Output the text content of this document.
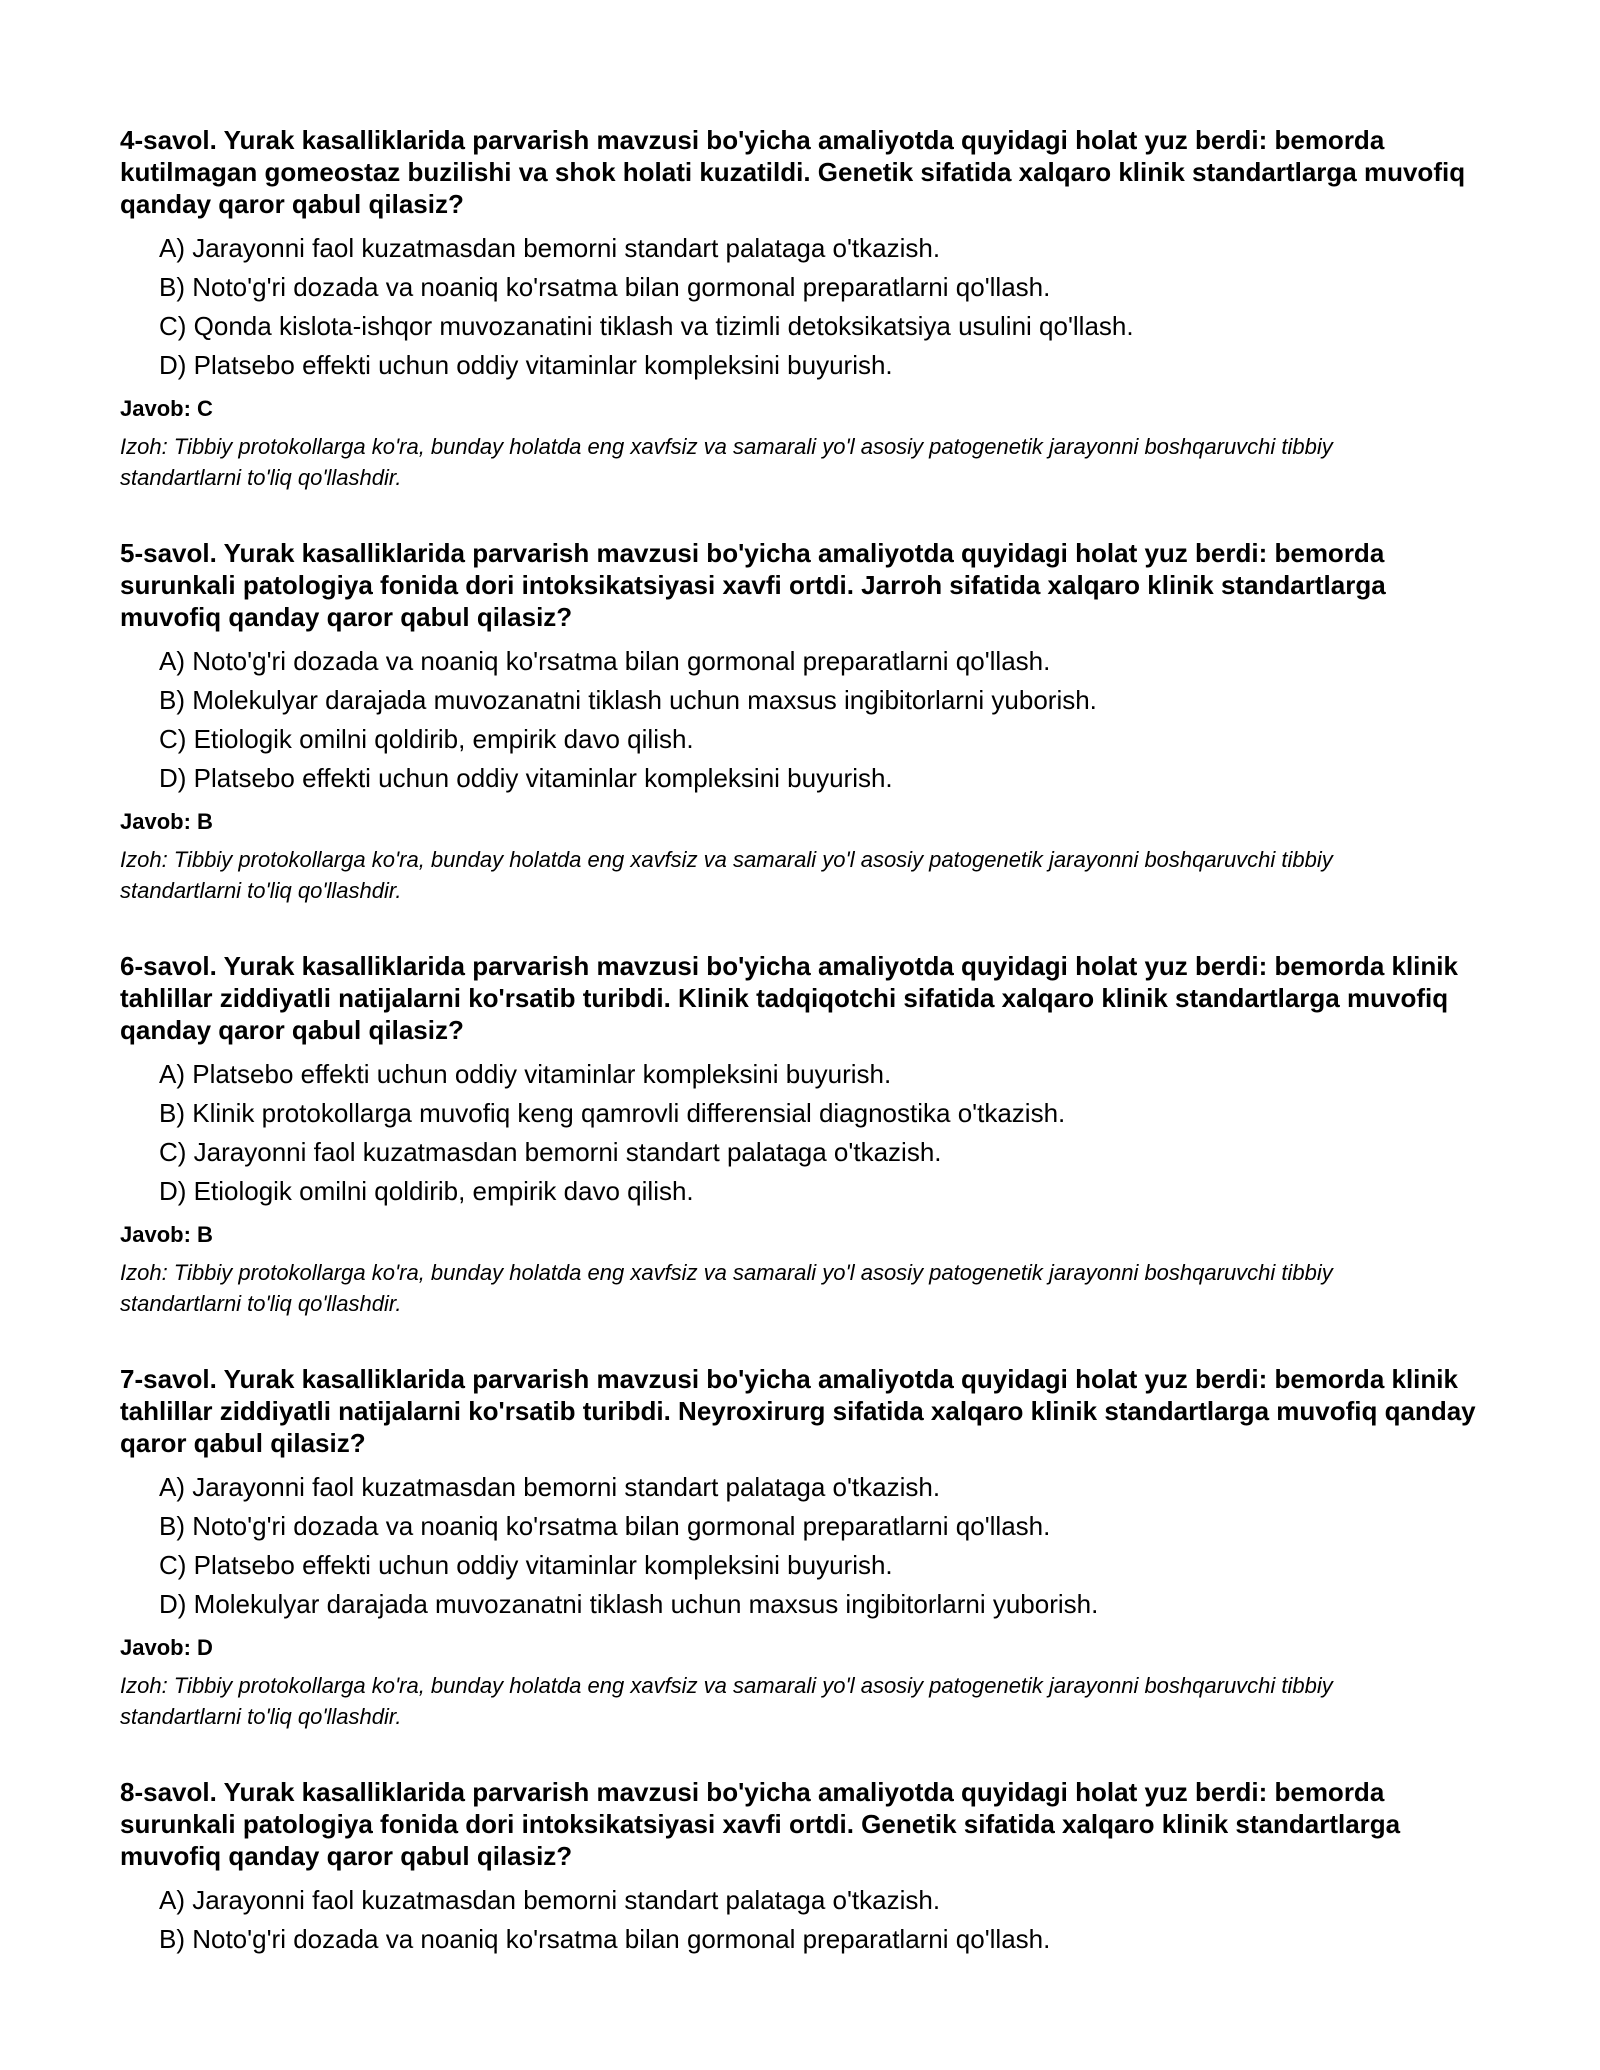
4-savol. Yurak kasalliklarida parvarish mavzusi bo'yicha amaliyotda quyidagi holat yuz berdi: bemorda kutilmagan gomeostaz buzilishi va shok holati kuzatildi. Genetik sifatida xalqaro klinik standartlarga muvofiq qanday qaror qabul qilasiz?
A) Jarayonni faol kuzatmasdan bemorni standart palataga o'tkazish.
B) Noto'g'ri dozada va noaniq ko'rsatma bilan gormonal preparatlarni qo'llash.
C) Qonda kislota-ishqor muvozanatini tiklash va tizimli detoksikatsiya usulini qo'llash.
D) Platsebo effekti uchun oddiy vitaminlar kompleksini buyurish.
Javob: C
Izoh: Tibbiy protokollarga ko'ra, bunday holatda eng xavfsiz va samarali yo'l asosiy patogenetik jarayonni boshqaruvchi tibbiy standartlarni to'liq qo'llashdir.
5-savol. Yurak kasalliklarida parvarish mavzusi bo'yicha amaliyotda quyidagi holat yuz berdi: bemorda surunkali patologiya fonida dori intoksikatsiyasi xavfi ortdi. Jarroh sifatida xalqaro klinik standartlarga muvofiq qanday qaror qabul qilasiz?
A) Noto'g'ri dozada va noaniq ko'rsatma bilan gormonal preparatlarni qo'llash.
B) Molekulyar darajada muvozanatni tiklash uchun maxsus ingibitorlarni yuborish.
C) Etiologik omilni qoldirib, empirik davo qilish.
D) Platsebo effekti uchun oddiy vitaminlar kompleksini buyurish.
Javob: B
Izoh: Tibbiy protokollarga ko'ra, bunday holatda eng xavfsiz va samarali yo'l asosiy patogenetik jarayonni boshqaruvchi tibbiy standartlarni to'liq qo'llashdir.
6-savol. Yurak kasalliklarida parvarish mavzusi bo'yicha amaliyotda quyidagi holat yuz berdi: bemorda klinik tahlillar ziddiyatli natijalarni ko'rsatib turibdi. Klinik tadqiqotchi sifatida xalqaro klinik standartlarga muvofiq qanday qaror qabul qilasiz?
A) Platsebo effekti uchun oddiy vitaminlar kompleksini buyurish.
B) Klinik protokollarga muvofiq keng qamrovli differensial diagnostika o'tkazish.
C) Jarayonni faol kuzatmasdan bemorni standart palataga o'tkazish.
D) Etiologik omilni qoldirib, empirik davo qilish.
Javob: B
Izoh: Tibbiy protokollarga ko'ra, bunday holatda eng xavfsiz va samarali yo'l asosiy patogenetik jarayonni boshqaruvchi tibbiy standartlarni to'liq qo'llashdir.
7-savol. Yurak kasalliklarida parvarish mavzusi bo'yicha amaliyotda quyidagi holat yuz berdi: bemorda klinik tahlillar ziddiyatli natijalarni ko'rsatib turibdi. Neyroxirurg sifatida xalqaro klinik standartlarga muvofiq qanday qaror qabul qilasiz?
A) Jarayonni faol kuzatmasdan bemorni standart palataga o'tkazish.
B) Noto'g'ri dozada va noaniq ko'rsatma bilan gormonal preparatlarni qo'llash.
C) Platsebo effekti uchun oddiy vitaminlar kompleksini buyurish.
D) Molekulyar darajada muvozanatni tiklash uchun maxsus ingibitorlarni yuborish.
Javob: D
Izoh: Tibbiy protokollarga ko'ra, bunday holatda eng xavfsiz va samarali yo'l asosiy patogenetik jarayonni boshqaruvchi tibbiy standartlarni to'liq qo'llashdir.
8-savol. Yurak kasalliklarida parvarish mavzusi bo'yicha amaliyotda quyidagi holat yuz berdi: bemorda surunkali patologiya fonida dori intoksikatsiyasi xavfi ortdi. Genetik sifatida xalqaro klinik standartlarga muvofiq qanday qaror qabul qilasiz?
A) Jarayonni faol kuzatmasdan bemorni standart palataga o'tkazish.
B) Noto'g'ri dozada va noaniq ko'rsatma bilan gormonal preparatlarni qo'llash.
